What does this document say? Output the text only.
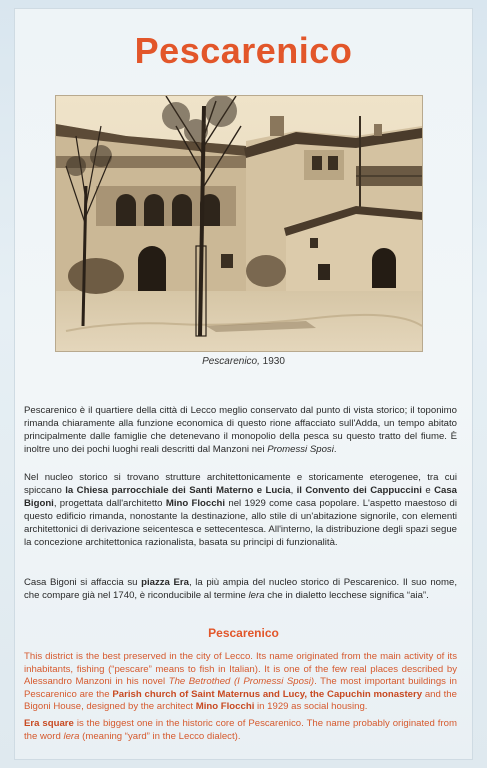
Pescarenico
Pescarenico, 1930
Pescarenico è il quartiere della città di Lecco meglio conservato dal punto di vista storico; il toponimo rimanda chiaramente alla funzione economica di questo rione affacciato sull'Adda, un tempo abitato principalmente dalle famiglie che detenevano il monopolio della pesca su questo tratto del fiume. È inoltre uno dei pochi luoghi reali descritti dal Manzoni nei Promessi Sposi.
Nel nucleo storico si trovano strutture architettonicamente e storicamente eterogenee, tra cui spiccano la Chiesa parrocchiale dei Santi Materno e Lucia, il Convento dei Cappuccini e Casa Bigoni, progettata dall'architetto Mino Flocchi nel 1929 come casa popolare. L'aspetto maestoso di questo edificio rimanda, nonostante la destinazione, allo stile di un'abitazione signorile, con elementi architettonici di derivazione seicentesca e settecentesca. All'interno, la distribuzione degli spazi segue la concezione architettonica razionalista, basata su principi di funzionalità.
Casa Bigoni si affaccia su piazza Era, la più ampia del nucleo storico di Pescarenico. Il suo nome, che compare già nel 1740, è riconducibile al termine lera che in dialetto lecchese significa “aia”.
Pescarenico
This district is the best preserved in the city of Lecco. Its name originated from the main activity of its inhabitants, fishing (“pescare” means to fish in Italian). It is one of the few real places described by Alessandro Manzoni in his novel The Betrothed (I Promessi Sposi). The most important buildings in Pescarenico are the Parish church of Saint Maternus and Lucy, the Capuchin monastery and the Bigoni House, designed by the architect Mino Flocchi in 1929 as social housing.
Era square is the biggest one in the historic core of Pescarenico. The name probably originated from the word lera (meaning “yard” in the Lecco dialect).
